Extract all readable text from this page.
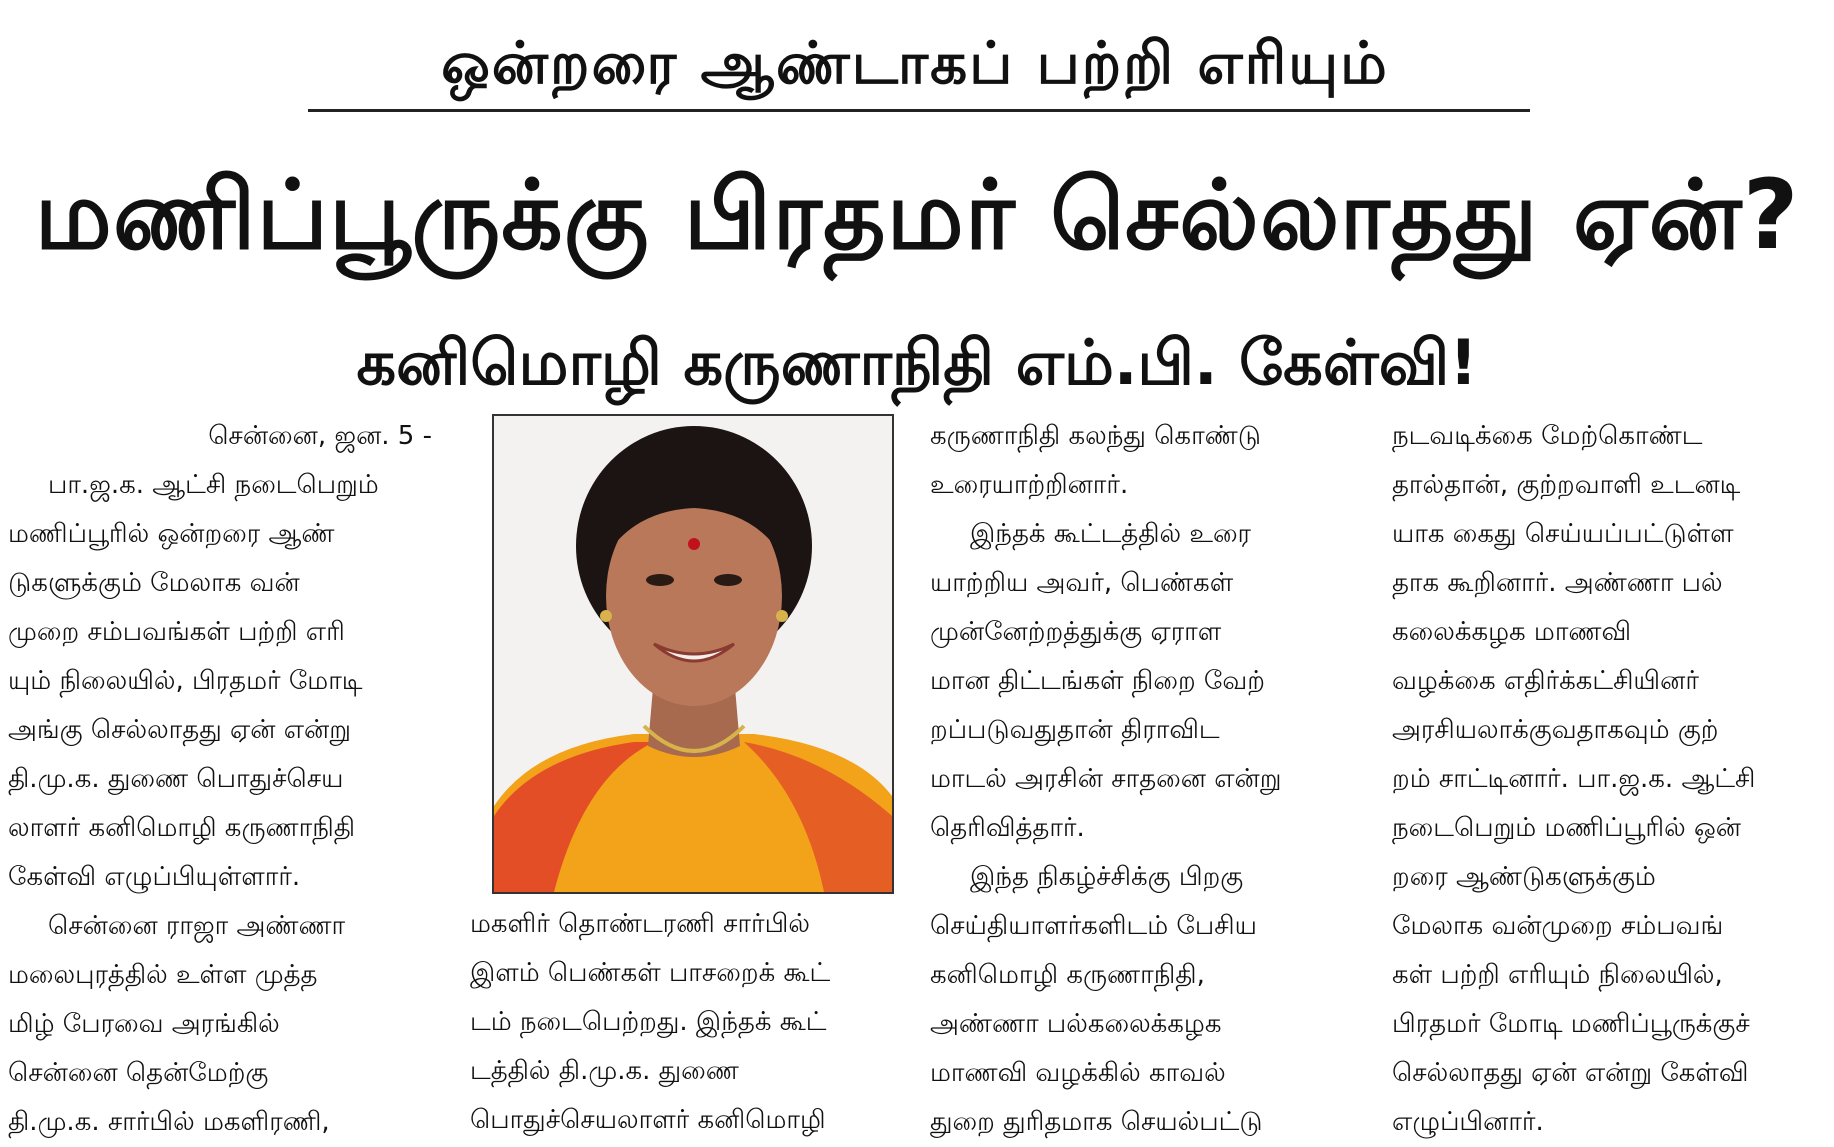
ஒன்றரை ஆண்டாகப் பற்றி எரியும்
மணிப்பூருக்கு பிரதமர் செல்லாதது ஏன்?
கனிமொழி கருணாநிதி எம்.பி. கேள்வி!

சென்னை, ஜன. 5 -

பா.ஜ.க. ஆட்சி நடைபெறும்
மணிப்பூரில் ஒன்றரை ஆண்
டுகளுக்கும் மேலாக வன்
முறை சம்பவங்கள் பற்றி எரி
யும் நிலையில், பிரதமர் மோடி
அங்கு செல்லாதது ஏன் என்று
தி.மு.க. துணை பொதுச்செய
லாளர் கனிமொழி கருணாநிதி
கேள்வி எழுப்பியுள்ளார்.
சென்னை ராஜா அண்ணா
மலைபுரத்தில் உள்ள முத்த
மிழ் பேரவை அரங்கில்
சென்னை தென்மேற்கு
தி.மு.க. சார்பில் மகளிரணி,
மகளிர் தொண்டரணி சார்பில்
இளம் பெண்கள் பாசறைக் கூட்
டம் நடைபெற்றது. இந்தக் கூட்
டத்தில் தி.மு.க. துணை
பொதுச்செயலாளர் கனிமொழி
கருணாநிதி கலந்து கொண்டு
உரையாற்றினார்.
இந்தக் கூட்டத்தில் உரை
யாற்றிய அவர், பெண்கள்
முன்னேற்றத்துக்கு ஏராள
மான திட்டங்கள் நிறை வேற்
றப்படுவதுதான் திராவிட
மாடல் அரசின் சாதனை என்று
தெரிவித்தார்.
இந்த நிகழ்ச்சிக்கு பிறகு
செய்தியாளர்களிடம் பேசிய
கனிமொழி கருணாநிதி,
அண்ணா பல்கலைக்கழக
மாணவி வழக்கில் காவல்
துறை துரிதமாக செயல்பட்டு
நடவடிக்கை மேற்கொண்ட
தால்தான், குற்றவாளி உடனடி
யாக கைது செய்யப்பட்டுள்ள
தாக கூறினார். அண்ணா பல்
கலைக்கழக மாணவி
வழக்கை எதிர்க்கட்சியினர்
அரசியலாக்குவதாகவும் குற்
றம் சாட்டினார். பா.ஜ.க. ஆட்சி
நடைபெறும் மணிப்பூரில் ஒன்
றரை ஆண்டுகளுக்கும்
மேலாக வன்முறை சம்பவங்
கள் பற்றி எரியும் நிலையில்,
பிரதமர் மோடி மணிப்பூருக்குச்
செல்லாதது ஏன் என்று கேள்வி
எழுப்பினார்.
